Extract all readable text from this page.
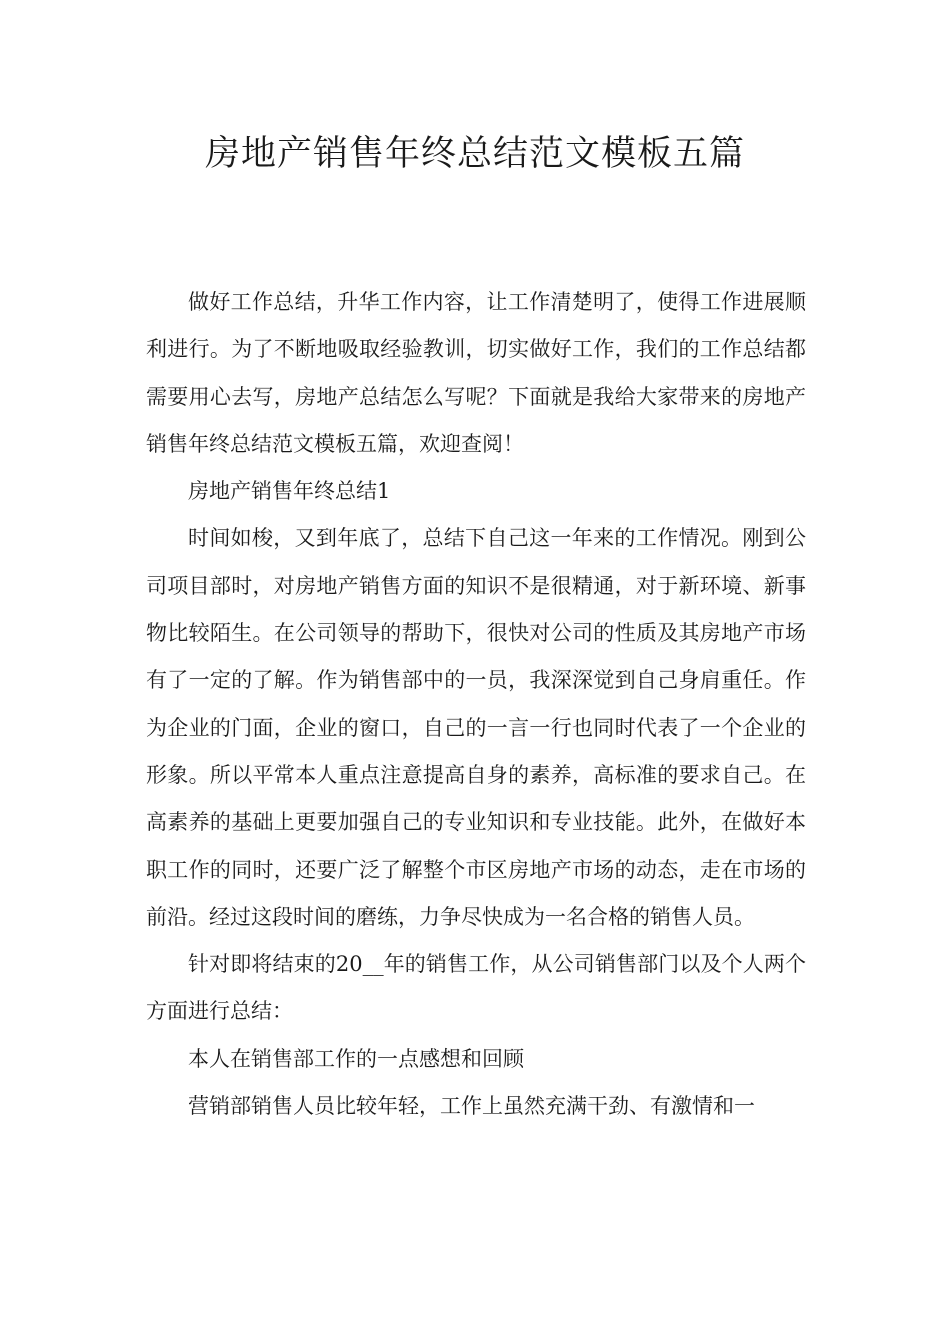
房地产销售年终总结范文模板五篇

做好工作总结，升华工作内容，让工作清楚明了，使得工作进展顺利进行。为了不断地吸取经验教训，切实做好工作，我们的工作总结都需要用心去写，房地产总结怎么写呢？下面就是我给大家带来的房地产销售年终总结范文模板五篇，欢迎查阅！

房地产销售年终总结1

时间如梭，又到年底了，总结下自己这一年来的工作情况。刚到公司项目部时，对房地产销售方面的知识不是很精通，对于新环境、新事物比较陌生。在公司领导的帮助下，很快对公司的性质及其房地产市场有了一定的了解。作为销售部中的一员，我深深觉到自己身肩重任。作为企业的门面，企业的窗口，自己的一言一行也同时代表了一个企业的形象。所以平常本人重点注意提高自身的素养，高标准的要求自己。在高素养的基础上更要加强自己的专业知识和专业技能。此外，在做好本职工作的同时，还要广泛了解整个市区房地产市场的动态，走在市场的前沿。经过这段时间的磨练，力争尽快成为一名合格的销售人员。

针对即将结束的20__年的销售工作，从公司销售部门以及个人两个方面进行总结：

本人在销售部工作的一点感想和回顾

营销部销售人员比较年轻，工作上虽然充满干劲、有激情和一
